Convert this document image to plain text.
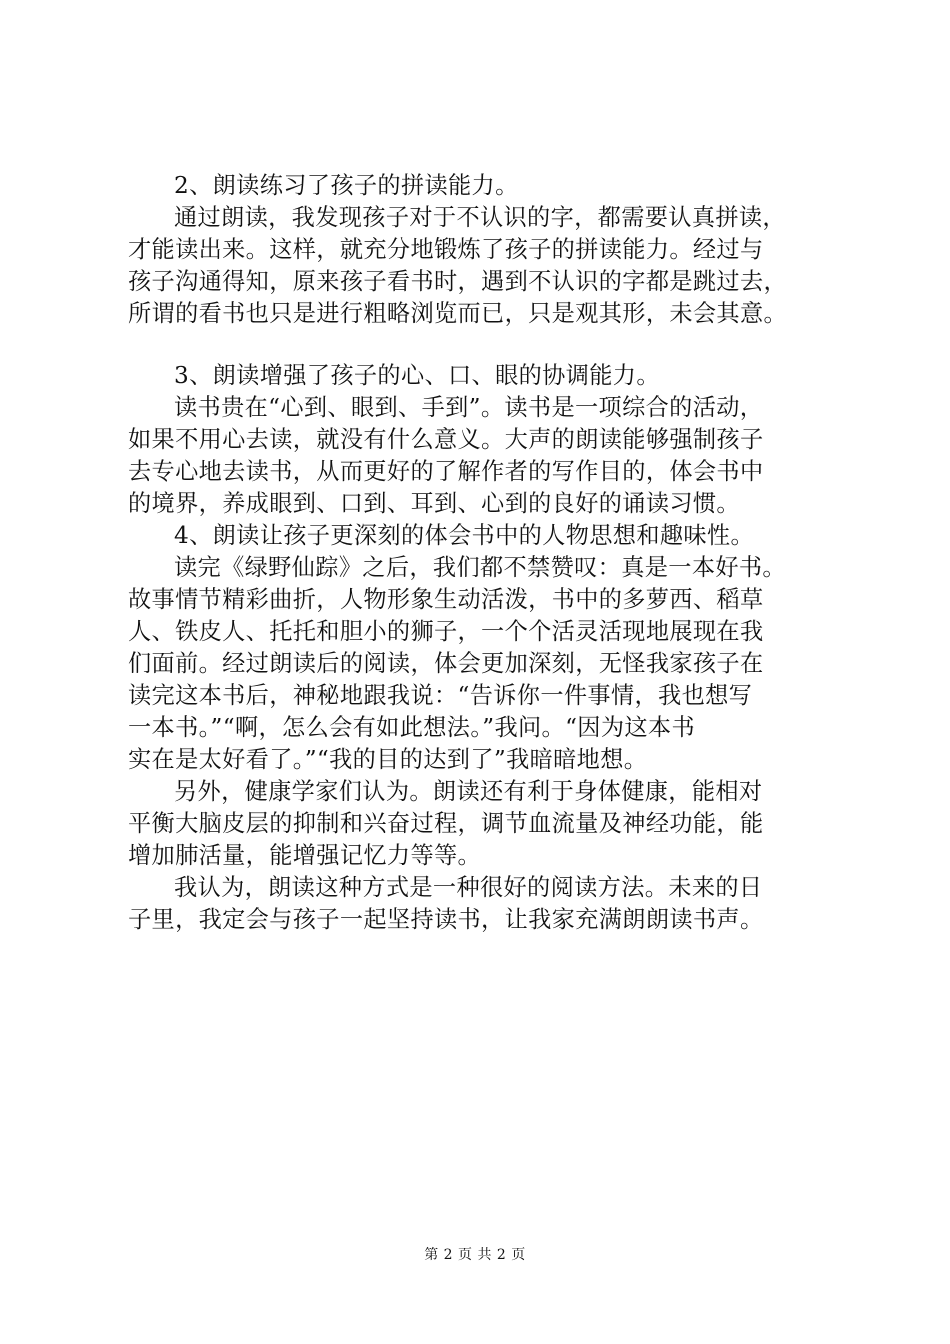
2、朗读练习了孩子的拼读能力。
通过朗读，我发现孩子对于不认识的字，都需要认真拼读，
才能读出来。这样，就充分地锻炼了孩子的拼读能力。经过与
孩子沟通得知，原来孩子看书时，遇到不认识的字都是跳过去，
所谓的看书也只是进行粗略浏览而已，只是观其形，未会其意。
3、朗读增强了孩子的心、口、眼的协调能力。
读书贵在“心到、眼到、手到”。读书是一项综合的活动，
如果不用心去读，就没有什么意义。大声的朗读能够强制孩子
去专心地去读书，从而更好的了解作者的写作目的，体会书中
的境界，养成眼到、口到、耳到、心到的良好的诵读习惯。
4、朗读让孩子更深刻的体会书中的人物思想和趣味性。
读完《绿野仙踪》之后，我们都不禁赞叹：真是一本好书。
故事情节精彩曲折，人物形象生动活泼，书中的多萝西、稻草
人、铁皮人、托托和胆小的狮子，一个个活灵活现地展现在我
们面前。经过朗读后的阅读，体会更加深刻，无怪我家孩子在
读完这本书后，神秘地跟我说：“告诉你一件事情，我也想写
一本书。”“啊，怎么会有如此想法。”我问。“因为这本书
实在是太好看了。”“我的目的达到了”我暗暗地想。
另外，健康学家们认为。朗读还有利于身体健康，能相对
平衡大脑皮层的抑制和兴奋过程，调节血流量及神经功能，能
增加肺活量，能增强记忆力等等。
我认为，朗读这种方式是一种很好的阅读方法。未来的日
子里，我定会与孩子一起坚持读书，让我家充满朗朗读书声。
第 2 页 共 2 页
